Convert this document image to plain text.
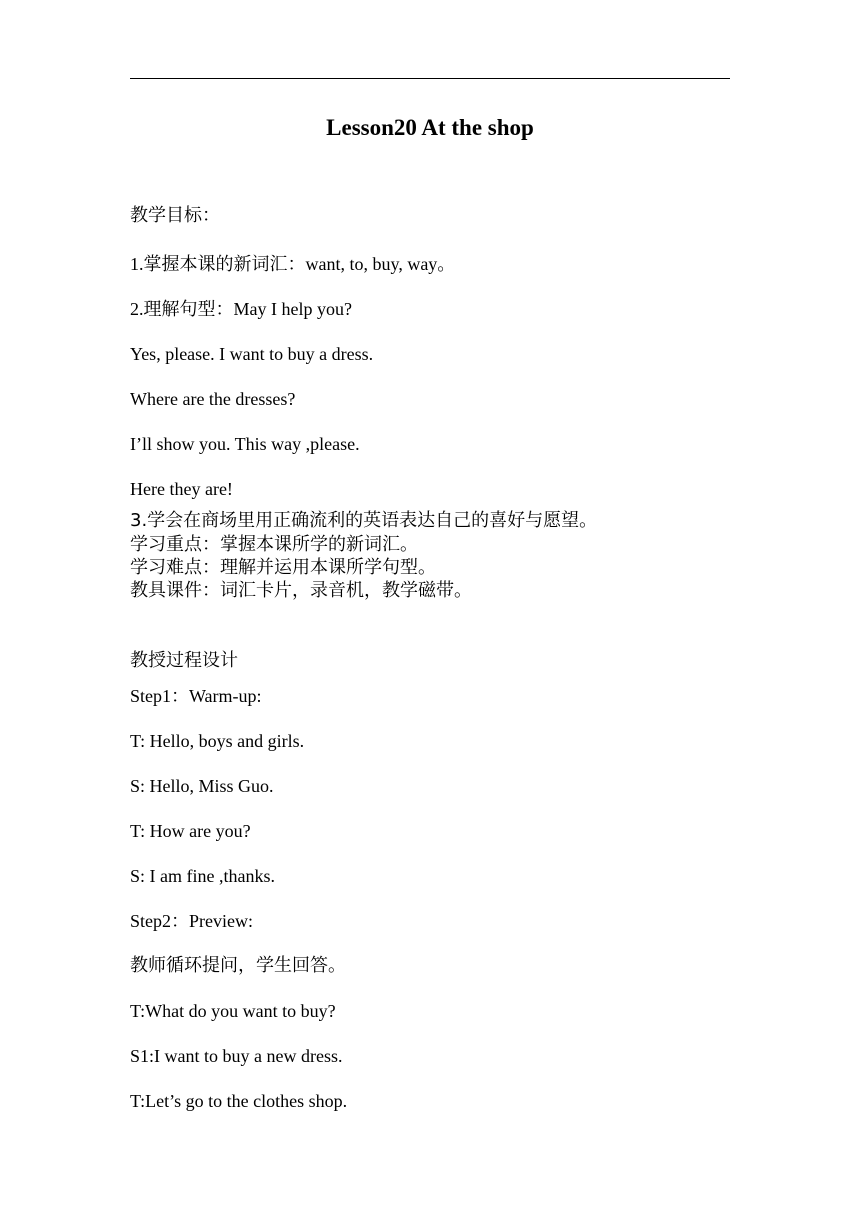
Lesson20 At the shop

教学目标：

1.掌握本课的新词汇：want, to, buy, way。

2.理解句型：May I help you?

Yes, please. I want to buy a dress.

Where are the dresses?

I’ll show you. This way ,please.

Here they are!

3.学会在商场里用正确流利的英语表达自己的喜好与愿望。

学习重点：掌握本课所学的新词汇。

学习难点：理解并运用本课所学句型。

教具课件：词汇卡片，录音机，教学磁带。

教授过程设计

Step1：Warm-up:

T: Hello, boys and girls.

S: Hello, Miss Guo.

T: How are you?

S: I am fine ,thanks.

Step2：Preview:

教师循环提问，学生回答。

T:What do you want to buy?

S1:I want to buy a new dress.

T:Let’s go to the clothes shop.
